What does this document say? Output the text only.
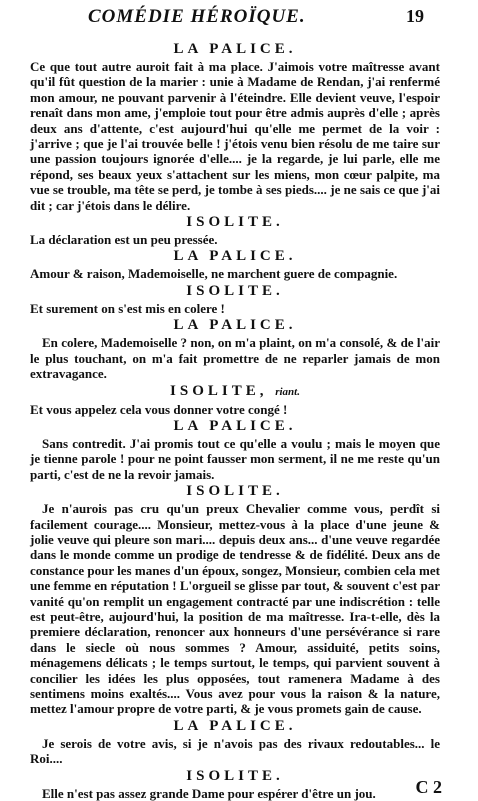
COMÉDIE HÉROÏQUE.	19
LA PALICE.

Ce que tout autre auroit fait à ma place. J'aimois votre maîtresse avant qu'il fût question de la marier : unie à Madame de Rendan, j'ai renfermé mon amour, ne pouvant parvenir à l'éteindre. Elle devient veuve, l'espoir renaît dans mon ame, j'emploie tout pour être admis auprès d'elle ; après deux ans d'attente, c'est aujourd'hui qu'elle me permet de la voir : j'arrive ; que je l'ai trouvée belle ! j'étois venu bien résolu de me taire sur une passion toujours ignorée d'elle.... je la regarde, je lui parle, elle me répond, ses beaux yeux s'attachent sur les miens, mon cœur palpite, ma vue se trouble, ma tête se perd, je tombe à ses pieds.... je ne sais ce que j'ai dit ; car j'étois dans le délire.

ISOLITE.

La déclaration est un peu pressée.

LA PALICE.

Amour & raison, Mademoiselle, ne marchent guere de compagnie.

ISOLITE.

Et surement on s'est mis en colere !

LA PALICE.

En colere, Mademoiselle ? non, on m'a plaint, on m'a consolé, & de l'air le plus touchant, on m'a fait promettre de ne reparler jamais de mon extravagance.

ISOLITE, riant.

Et vous appelez cela vous donner votre congé !

LA PALICE.

Sans contredit. J'ai promis tout ce qu'elle a voulu ; mais le moyen que je tienne parole ! pour ne point fausser mon serment, il ne me reste qu'un parti, c'est de ne la revoir jamais.

ISOLITE.

Je n'aurois pas cru qu'un preux Chevalier comme vous, perdît si facilement courage.... Monsieur, mettez-vous à la place d'une jeune & jolie veuve qui pleure son mari.... depuis deux ans... d'une veuve regardée dans le monde comme un prodige de tendresse & de fidélité. Deux ans de constance pour les manes d'un époux, songez, Monsieur, combien cela met une femme en réputation ! L'orgueil se glisse par tout, & souvent c'est par vanité qu'on remplit un engagement contracté par une indiscrétion : telle est peut-être, aujourd'hui, la position de ma maîtresse. Ira-t-elle, dès la premiere déclaration, renoncer aux honneurs d'une persévérance si rare dans le siecle où nous sommes ? Amour, assiduité, petits soins, ménagemens délicats ; le temps surtout, le temps, qui parvient souvent à concilier les idées les plus opposées, tout ramenera Madame à des sentimens moins exaltés.... Vous avez pour vous la raison & la nature, mettez l'amour propre de votre parti, & je vous promets gain de cause.

LA PALICE.

Je serois de votre avis, si je n'avois pas des rivaux redoutables... le Roi....

ISOLITE.

Elle n'est pas assez grande Dame pour espérer d'être un jou.	C 2
